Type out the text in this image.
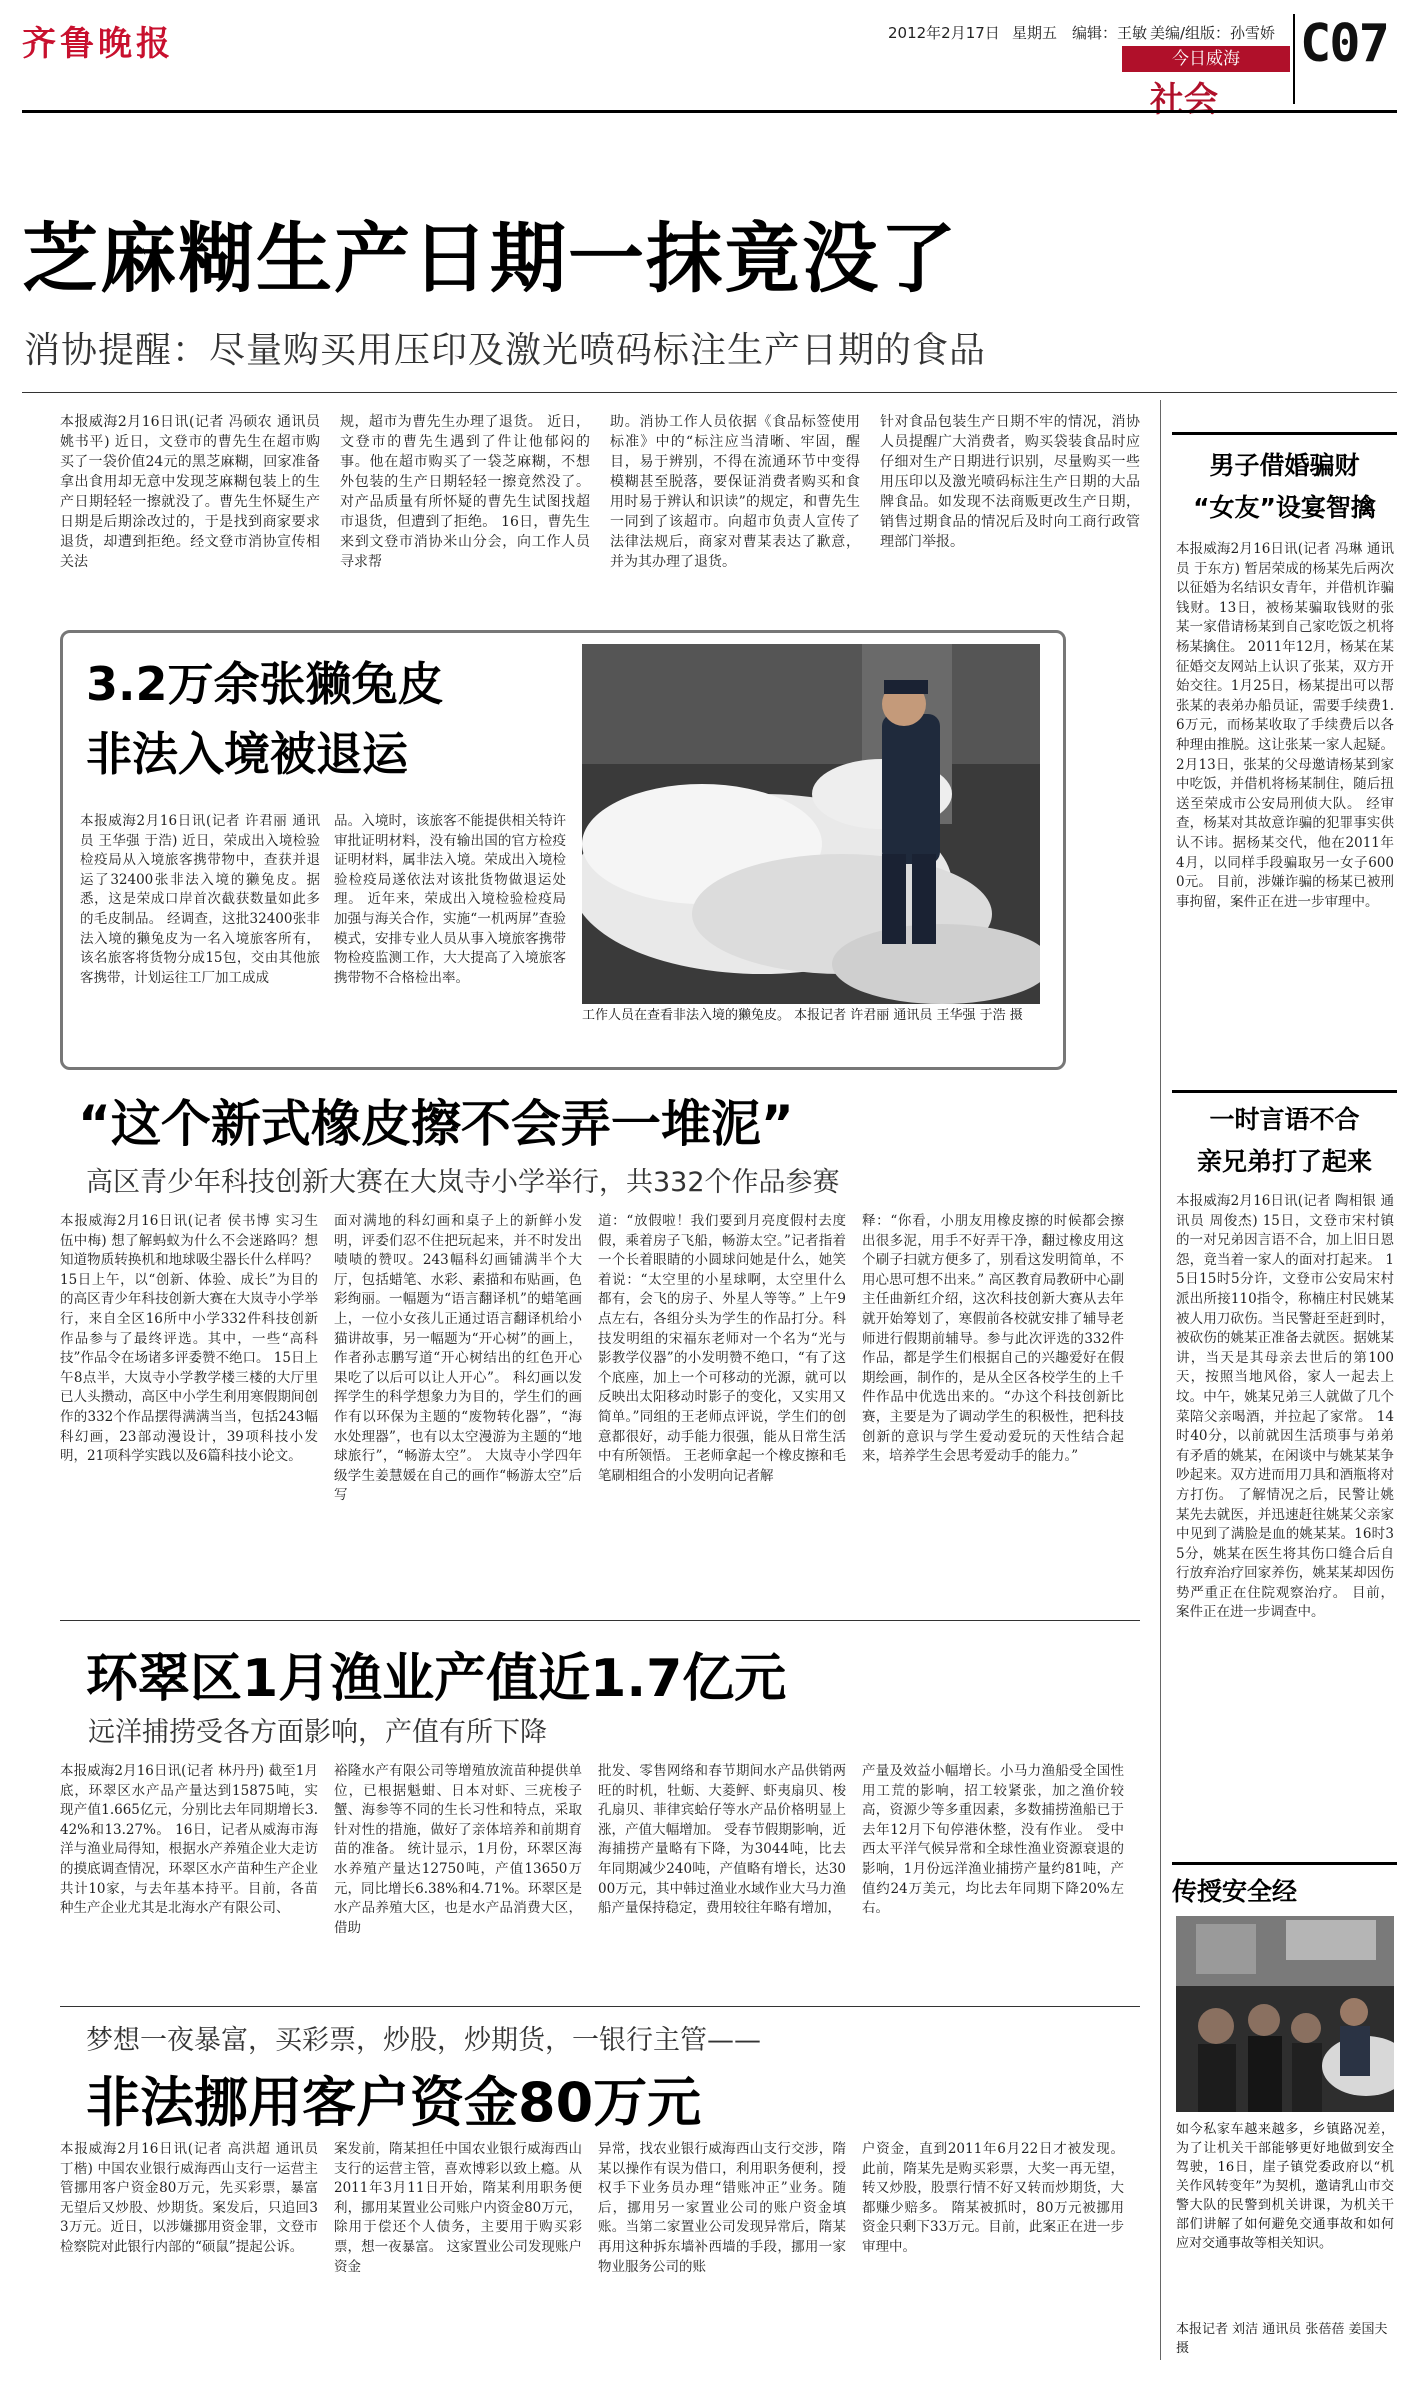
齐鲁晚报	2012年2月17日 星期五 编辑：王敏 美编/组版：孙雪娇
今日威海
社会
C07
芝麻糊生产日期一抹竟没了
消协提醒：尽量购买用压印及激光喷码标注生产日期的食品
本报威海2月16日讯(记者 冯硕农 通讯员 姚书平) 近日，文登市的曹先生在超市购买了一袋价值24元的黑芝麻糊，回家准备拿出食用却无意中发现芝麻糊包装上的生产日期轻轻一擦就没了。曹先生怀疑生产日期是后期涂改过的，于是找到商家要求退货，却遭到拒绝。经文登市消协宣传相关法
规，超市为曹先生办理了退货。 近日，文登市的曹先生遇到了件让他郁闷的事。他在超市购买了一袋芝麻糊，不想外包装的生产日期轻轻一擦竟然没了。对产品质量有所怀疑的曹先生试图找超市退货，但遭到了拒绝。 16日，曹先生来到文登市消协米山分会，向工作人员寻求帮
助。消协工作人员依据《食品标签使用标准》中的“标注应当清晰、牢固，醒目，易于辨别，不得在流通环节中变得模糊甚至脱落，要保证消费者购买和食用时易于辨认和识读”的规定，和曹先生一同到了该超市。向超市负责人宣传了法律法规后，商家对曹某表达了歉意，并为其办理了退货。
针对食品包装生产日期不牢的情况，消协人员提醒广大消费者，购买袋装食品时应仔细对生产日期进行识别，尽量购买一些用压印以及激光喷码标注生产日期的大品牌食品。如发现不法商贩更改生产日期，销售过期食品的情况后及时向工商行政管理部门举报。
3.2万余张獭兔皮
非法入境被退运
本报威海2月16日讯(记者 许君丽 通讯员 王华强 于浩) 近日，荣成出入境检验检疫局从入境旅客携带物中，查获并退运了32400张非法入境的獭兔皮。据悉，这是荣成口岸首次截获数量如此多的毛皮制品。 经调查，这批32400张非法入境的獭兔皮为一名入境旅客所有，该名旅客将货物分成15包，交由其他旅客携带，计划运往工厂加工成成
品。入境时，该旅客不能提供相关特许审批证明材料，没有输出国的官方检疫证明材料，属非法入境。荣成出入境检验检疫局遂依法对该批货物做退运处理。 近年来，荣成出入境检验检疫局加强与海关合作，实施“一机两屏”查验模式，安排专业人员从事入境旅客携带物检疫监测工作，大大提高了入境旅客携带物不合格检出率。
工作人员在查看非法入境的獭兔皮。 本报记者 许君丽 通讯员 王华强 于浩 摄
“这个新式橡皮擦不会弄一堆泥”
高区青少年科技创新大赛在大岚寺小学举行，共332个作品参赛
本报威海2月16日讯(记者 侯书博 实习生 伍中梅) 想了解蚂蚁为什么不会迷路吗？想知道物质转换机和地球吸尘器长什么样吗？15日上午，以“创新、体验、成长”为目的的高区青少年科技创新大赛在大岚寺小学举行，来自全区16所中小学332件科技创新作品参与了最终评选。其中，一些“高科技”作品令在场诸多评委赞不绝口。 15日上午8点半，大岚寺小学教学楼三楼的大厅里已人头攒动，高区中小学生利用寒假期间创作的332个作品摆得满满当当，包括243幅科幻画，23部动漫设计，39项科技小发明，21项科学实践以及6篇科技小论文。
面对满地的科幻画和桌子上的新鲜小发明，评委们忍不住把玩起来，并不时发出啧啧的赞叹。243幅科幻画铺满半个大厅，包括蜡笔、水彩、素描和布贴画，色彩绚丽。一幅题为“语言翻译机”的蜡笔画上，一位小女孩儿正通过语言翻译机给小猫讲故事，另一幅题为“开心树”的画上，作者孙志鹏写道“开心树结出的红色开心果吃了以后可以让人开心”。 科幻画以发挥学生的科学想象力为目的，学生们的画作有以环保为主题的“废物转化器”，“海水处理器”，也有以太空漫游为主题的“地球旅行”，“畅游太空”。 大岚寺小学四年级学生姜慧媛在自己的画作“畅游太空”后写
道：“放假啦！我们要到月亮度假村去度假，乘着房子飞船，畅游太空。”记者指着一个长着眼睛的小圆球问她是什么，她笑着说：“太空里的小星球啊，太空里什么都有，会飞的房子、外星人等等。” 上午9点左右，各组分头为学生的作品打分。科技发明组的宋福东老师对一个名为“光与影教学仪器”的小发明赞不绝口，“有了这个底座，加上一个可移动的光源，就可以反映出太阳移动时影子的变化，又实用又简单。”同组的王老师点评说，学生们的创意都很好，动手能力很强，能从日常生活中有所领悟。 王老师拿起一个橡皮擦和毛笔刷相组合的小发明向记者解
释：“你看，小朋友用橡皮擦的时候都会擦出很多泥，用手不好弄干净，翻过橡皮用这个刷子扫就方便多了，别看这发明简单，不用心思可想不出来。” 高区教育局教研中心副主任曲新红介绍，这次科技创新大赛从去年就开始筹划了，寒假前各校就安排了辅导老师进行假期前辅导。参与此次评选的332件作品，都是学生们根据自己的兴趣爱好在假期绘画，制作的，是从全区各校学生的上千件作品中优选出来的。“办这个科技创新比赛，主要是为了调动学生的积极性，把科技创新的意识与学生爱动爱玩的天性结合起来，培养学生会思考爱动手的能力。”
环翠区1月渔业产值近1.7亿元
远洋捕捞受各方面影响，产值有所下降
本报威海2月16日讯(记者 林丹丹) 截至1月底，环翠区水产品产量达到15875吨，实现产值1.665亿元，分别比去年同期增长3.42%和13.27%。 16日，记者从威海市海洋与渔业局得知，根据水产养殖企业大走访的摸底调查情况，环翠区水产苗种生产企业共计10家，与去年基本持平。目前，各苗种生产企业尤其是北海水产有限公司、
裕隆水产有限公司等增殖放流苗种提供单位，已根据魁蚶、日本对虾、三疣梭子蟹、海参等不同的生长习性和特点，采取针对性的措施，做好了亲体培养和前期育苗的准备。 统计显示，1月份，环翠区海水养殖产量达12750吨，产值13650万元，同比增长6.38%和4.71%。环翠区是水产品养殖大区，也是水产品消费大区，借助
批发、零售网络和春节期间水产品供销两旺的时机，牡蛎、大菱鲆、虾夷扇贝、梭孔扇贝、菲律宾蛤仔等水产品价格明显上涨，产值大幅增加。 受春节假期影响，近海捕捞产量略有下降，为3044吨，比去年同期减少240吨，产值略有增长，达3000万元，其中韩过渔业水域作业大马力渔船产量保持稳定，费用较往年略有增加，
产量及效益小幅增长。小马力渔船受全国性用工荒的影响，招工较紧张，加之渔价较高，资源少等多重因素，多数捕捞渔船已于去年12月下旬停港休整，没有作业。 受中西太平洋气候异常和全球性渔业资源衰退的影响，1月份远洋渔业捕捞产量约81吨，产值约24万美元，均比去年同期下降20%左右。
梦想一夜暴富，买彩票，炒股，炒期货，一银行主管——
非法挪用客户资金80万元
本报威海2月16日讯(记者 高洪超 通讯员 丁楷) 中国农业银行威海西山支行一运营主管挪用客户资金80万元，先买彩票，暴富无望后又炒股、炒期货。案发后，只追回33万元。近日，以涉嫌挪用资金罪，文登市检察院对此银行内部的“硕鼠”提起公诉。
案发前，隋某担任中国农业银行威海西山支行的运营主管，喜欢博彩以致上瘾。从2011年3月11日开始，隋某利用职务便利，挪用某置业公司账户内资金80万元，除用于偿还个人债务，主要用于购买彩票，想一夜暴富。 这家置业公司发现账户资金
异常，找农业银行威海西山支行交涉，隋某以操作有误为借口，利用职务便利，授权手下业务员办理“错账冲正”业务。随后，挪用另一家置业公司的账户资金填账。当第二家置业公司发现异常后，隋某再用这种拆东墙补西墙的手段，挪用一家物业服务公司的账
户资金，直到2011年6月22日才被发现。此前，隋某先是购买彩票，大奖一再无望，转又炒股，股票行情不好又转而炒期货，大都赚少赔多。 隋某被抓时，80万元被挪用资金只剩下33万元。目前，此案正在进一步审理中。
男子借婚骗财
“女友”设宴智擒
本报威海2月16日讯(记者 冯琳 通讯员 于东方) 暂居荣成的杨某先后两次以征婚为名结识女青年，并借机诈骗钱财。13日，被杨某骗取钱财的张某一家借请杨某到自己家吃饭之机将杨某擒住。 2011年12月，杨某在某征婚交友网站上认识了张某，双方开始交往。1月25日，杨某提出可以帮张某的表弟办船员证，需要手续费1.6万元，而杨某收取了手续费后以各种理由推脱。这让张某一家人起疑。2月13日，张某的父母邀请杨某到家中吃饭，并借机将杨某制住，随后扭送至荣成市公安局刑侦大队。 经审查，杨某对其故意诈骗的犯罪事实供认不讳。据杨某交代，他在2011年4月，以同样手段骗取另一女子6000元。 目前，涉嫌诈骗的杨某已被刑事拘留，案件正在进一步审理中。
一时言语不合
亲兄弟打了起来
本报威海2月16日讯(记者 陶相银 通讯员 周俊杰) 15日，文登市宋村镇的一对兄弟因言语不合，加上旧日恩怨，竟当着一家人的面对打起来。 15日15时5分许，文登市公安局宋村派出所接110指令，称楠庄村民姚某被人用刀砍伤。当民警赶至赶到时，被砍伤的姚某正准备去就医。据姚某讲，当天是其母亲去世后的第100天，按照当地风俗，家人一起去上坟。中午，姚某兄弟三人就做了几个菜陪父亲喝酒，并拉起了家常。 14时40分，以前就因生活琐事与弟弟有矛盾的姚某，在闲谈中与姚某某争吵起来。双方进而用刀具和酒瓶将对方打伤。 了解情况之后，民警让姚某先去就医，并迅速赶往姚某父亲家中见到了满脸是血的姚某某。16时35分，姚某在医生将其伤口缝合后自行放弃治疗回家养伤，姚某某却因伤势严重正在住院观察治疗。 目前，案件正在进一步调查中。
传授安全经
如今私家车越来越多，乡镇路况差，为了让机关干部能够更好地做到安全驾驶，16日，崖子镇党委政府以“机关作风转变年”为契机，邀请乳山市交警大队的民警到机关讲课，为机关干部们讲解了如何避免交通事故和如何应对交通事故等相关知识。
本报记者 刘洁 通讯员 张蓓蓓 姜国夫 摄
